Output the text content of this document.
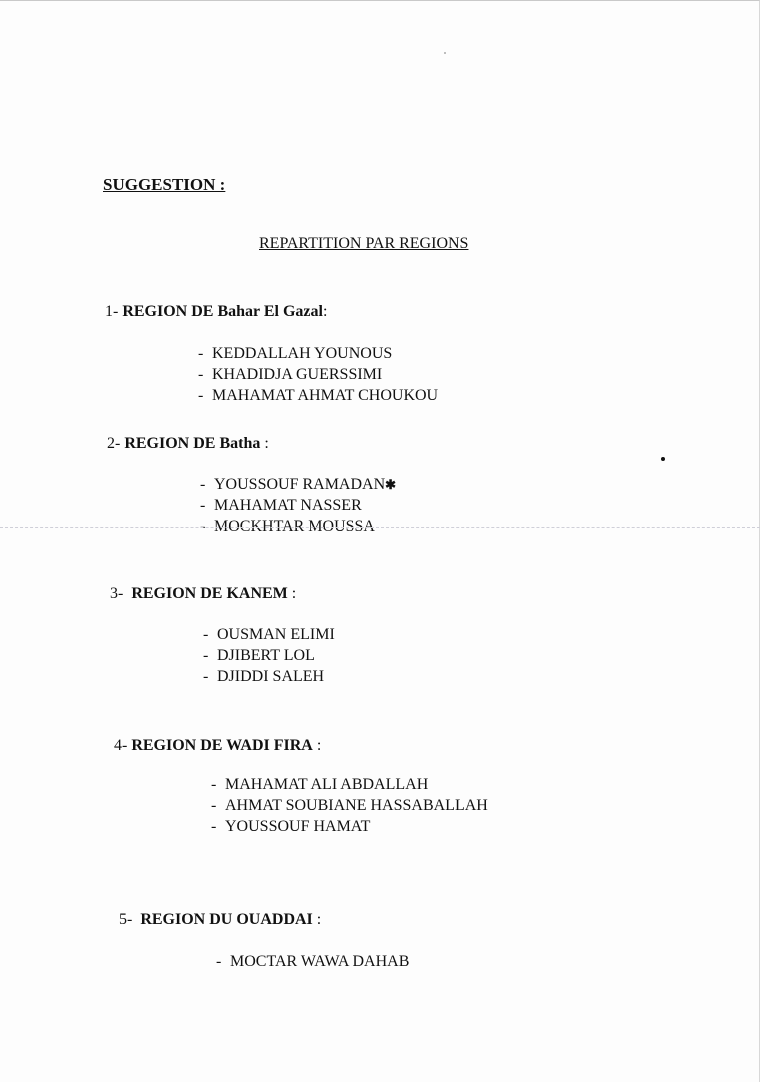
SUGGESTION :
REPARTITION PAR REGIONS
1- REGION DE Bahar El Gazal:
- KEDDALLAH YOUNOUS
- KHADIDJA GUERSSIMI
- MAHAMAT AHMAT CHOUKOU
2- REGION DE Batha :
- YOUSSOUF RAMADAN ✱
- MAHAMAT NASSER
- MOCKHTAR MOUSSA
3- REGION DE KANEM :
- OUSMAN ELIMI
- DJIBERT LOL
- DJIDDI SALEH
4- REGION DE WADI FIRA :
- MAHAMAT ALI ABDALLAH
- AHMAT SOUBIANE HASSABALLAH
- YOUSSOUF HAMAT
5- REGION DU OUADDAI :
- MOCTAR WAWA DAHAB
